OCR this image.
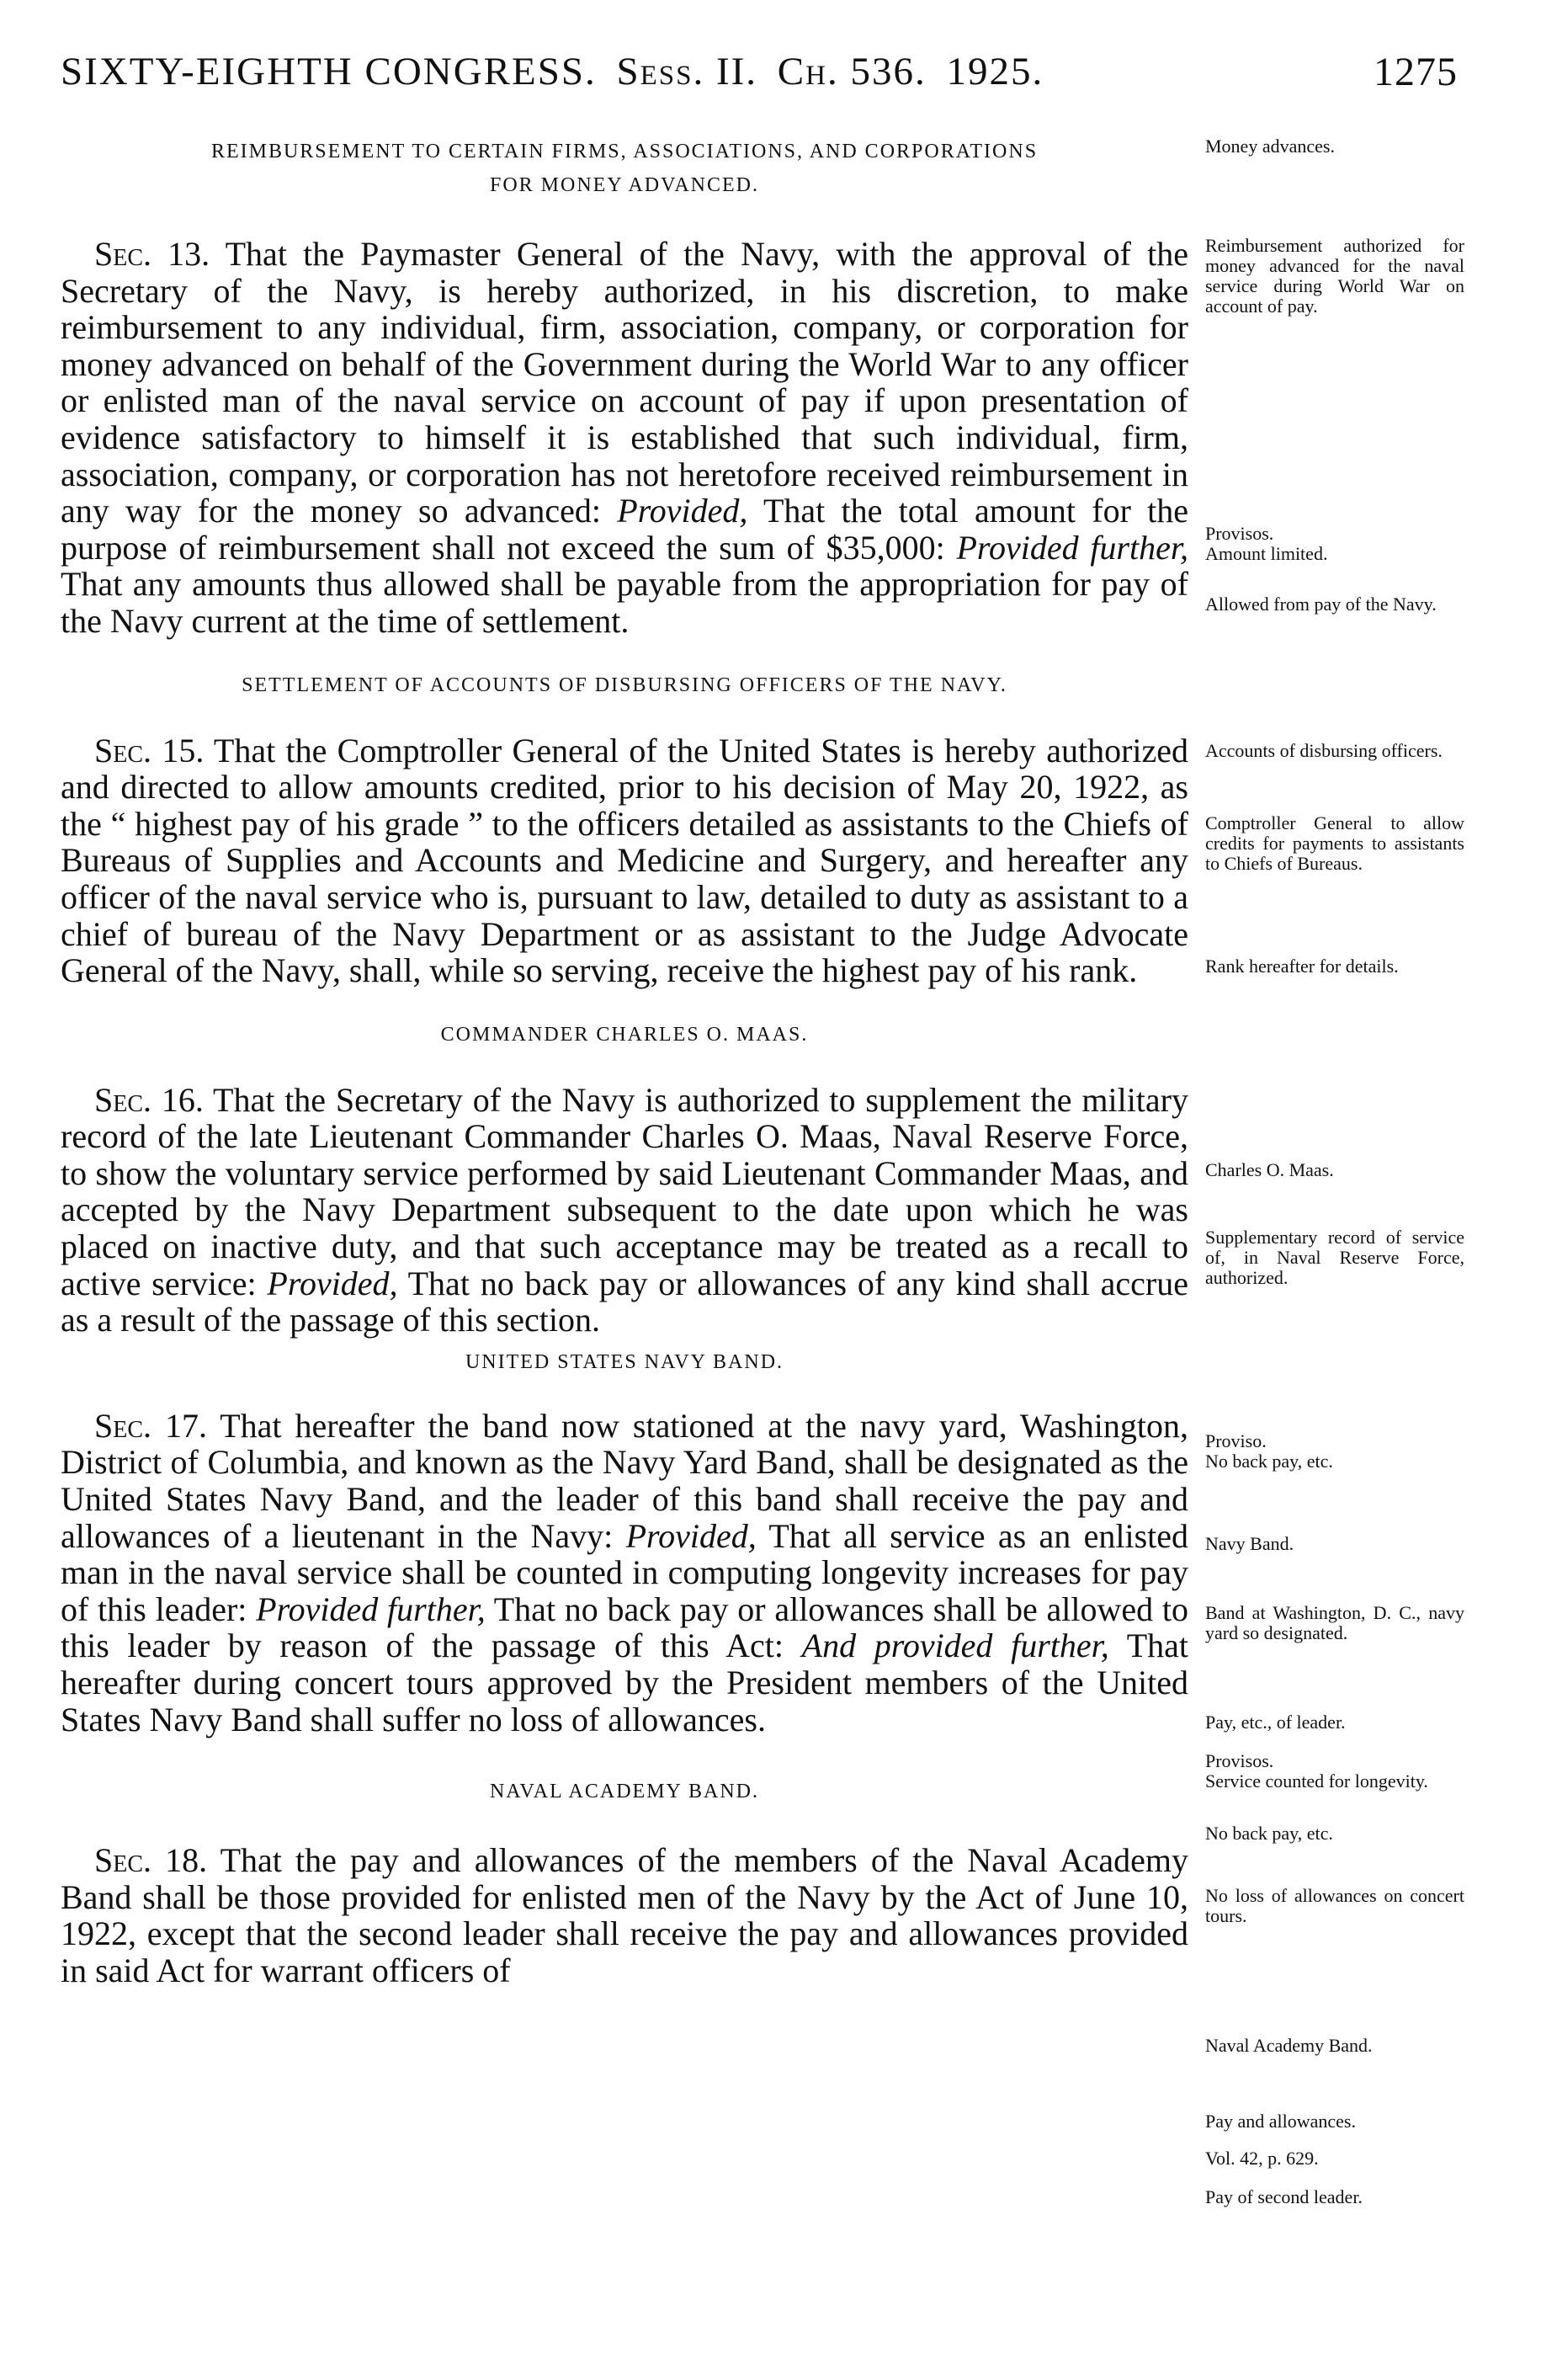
SIXTY-EIGHTH CONGRESS. Sess. II. Ch. 536. 1925.	1275
REIMBURSEMENT TO CERTAIN FIRMS, ASSOCIATIONS, AND CORPORATIONS
FOR MONEY ADVANCED.

Sec. 13. That the Paymaster General of the Navy, with the approval of the Secretary of the Navy, is hereby authorized, in his discretion, to make reimbursement to any individual, firm, association, company, or corporation for money advanced on behalf of the Government during the World War to any officer or enlisted man of the naval service on account of pay if upon presentation of evidence satisfactory to himself it is established that such individual, firm, association, company, or corporation has not heretofore received reimbursement in any way for the money so advanced: Provided, That the total amount for the purpose of reimbursement shall not exceed the sum of $35,000: Provided further, That any amounts thus allowed shall be payable from the appropriation for pay of the Navy current at the time of settlement.

SETTLEMENT OF ACCOUNTS OF DISBURSING OFFICERS OF THE NAVY.

Sec. 15. That the Comptroller General of the United States is hereby authorized and directed to allow amounts credited, prior to his decision of May 20, 1922, as the “ highest pay of his grade ” to the officers detailed as assistants to the Chiefs of Bureaus of Supplies and Accounts and Medicine and Surgery, and hereafter any officer of the naval service who is, pursuant to law, detailed to duty as assistant to a chief of bureau of the Navy Department or as assistant to the Judge Advocate General of the Navy, shall, while so serving, receive the highest pay of his rank.

COMMANDER CHARLES O. MAAS.

Sec. 16. That the Secretary of the Navy is authorized to supplement the military record of the late Lieutenant Commander Charles O. Maas, Naval Reserve Force, to show the voluntary service performed by said Lieutenant Commander Maas, and accepted by the Navy Department subsequent to the date upon which he was placed on inactive duty, and that such acceptance may be treated as a recall to active service: Provided, That no back pay or allowances of any kind shall accrue as a result of the passage of this section.

UNITED STATES NAVY BAND.

Sec. 17. That hereafter the band now stationed at the navy yard, Washington, District of Columbia, and known as the Navy Yard Band, shall be designated as the United States Navy Band, and the leader of this band shall receive the pay and allowances of a lieutenant in the Navy: Provided, That all service as an enlisted man in the naval service shall be counted in computing longevity increases for pay of this leader: Provided further, That no back pay or allowances shall be allowed to this leader by reason of the passage of this Act: And provided further, That hereafter during concert tours approved by the President members of the United States Navy Band shall suffer no loss of allowances.

NAVAL ACADEMY BAND.

Sec. 18. That the pay and allowances of the members of the Naval Academy Band shall be those provided for enlisted men of the Navy by the Act of June 10, 1922, except that the second leader shall receive the pay and allowances provided in said Act for warrant officers of

Money advances.
Reimbursement authorized for money advanced for the naval service during World War on account of pay.
Provisos.
Amount limited.
Allowed from pay of the Navy.
Accounts of disbursing officers.
Comptroller General to allow credits for payments to assistants to Chiefs of Bureaus.
Rank hereafter for details.
Charles O. Maas.
Supplementary record of service of, in Naval Reserve Force, authorized.
Proviso.
No back pay, etc.
Navy Band.
Band at Washington, D. C., navy yard so designated.
Pay, etc., of leader.
Provisos.
Service counted for longevity.
No back pay, etc.
No loss of allowances on concert tours.
Naval Academy Band.
Pay and allowances.
Vol. 42, p. 629.
Pay of second leader.
